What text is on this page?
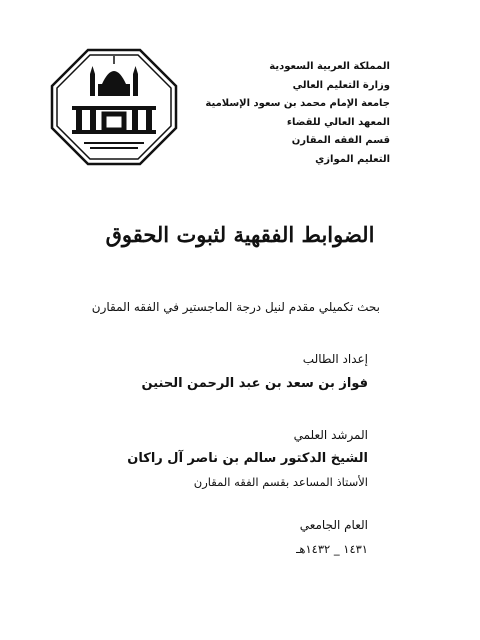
المملكة العربية السعودية
وزارة التعليم العالي
جامعة الإمام محمد بن سعود الإسلامية
المعهد العالي للقضاء
قسم الفقه المقارن
التعليم الموازي
الضوابط الفقهية لثبوت الحقوق
بحث تكميلي مقدم لنيل درجة الماجستير في الفقه المقارن
إعداد الطالب
فواز بن سعد بن عبد الرحمن الحنين
المرشد العلمي
الشيخ الدكتور سالم بن ناصر آل راكان
الأستاذ المساعد بقسم الفقه المقارن
العام الجامعي
١٤٣١ _ ١٤٣٢هـ
